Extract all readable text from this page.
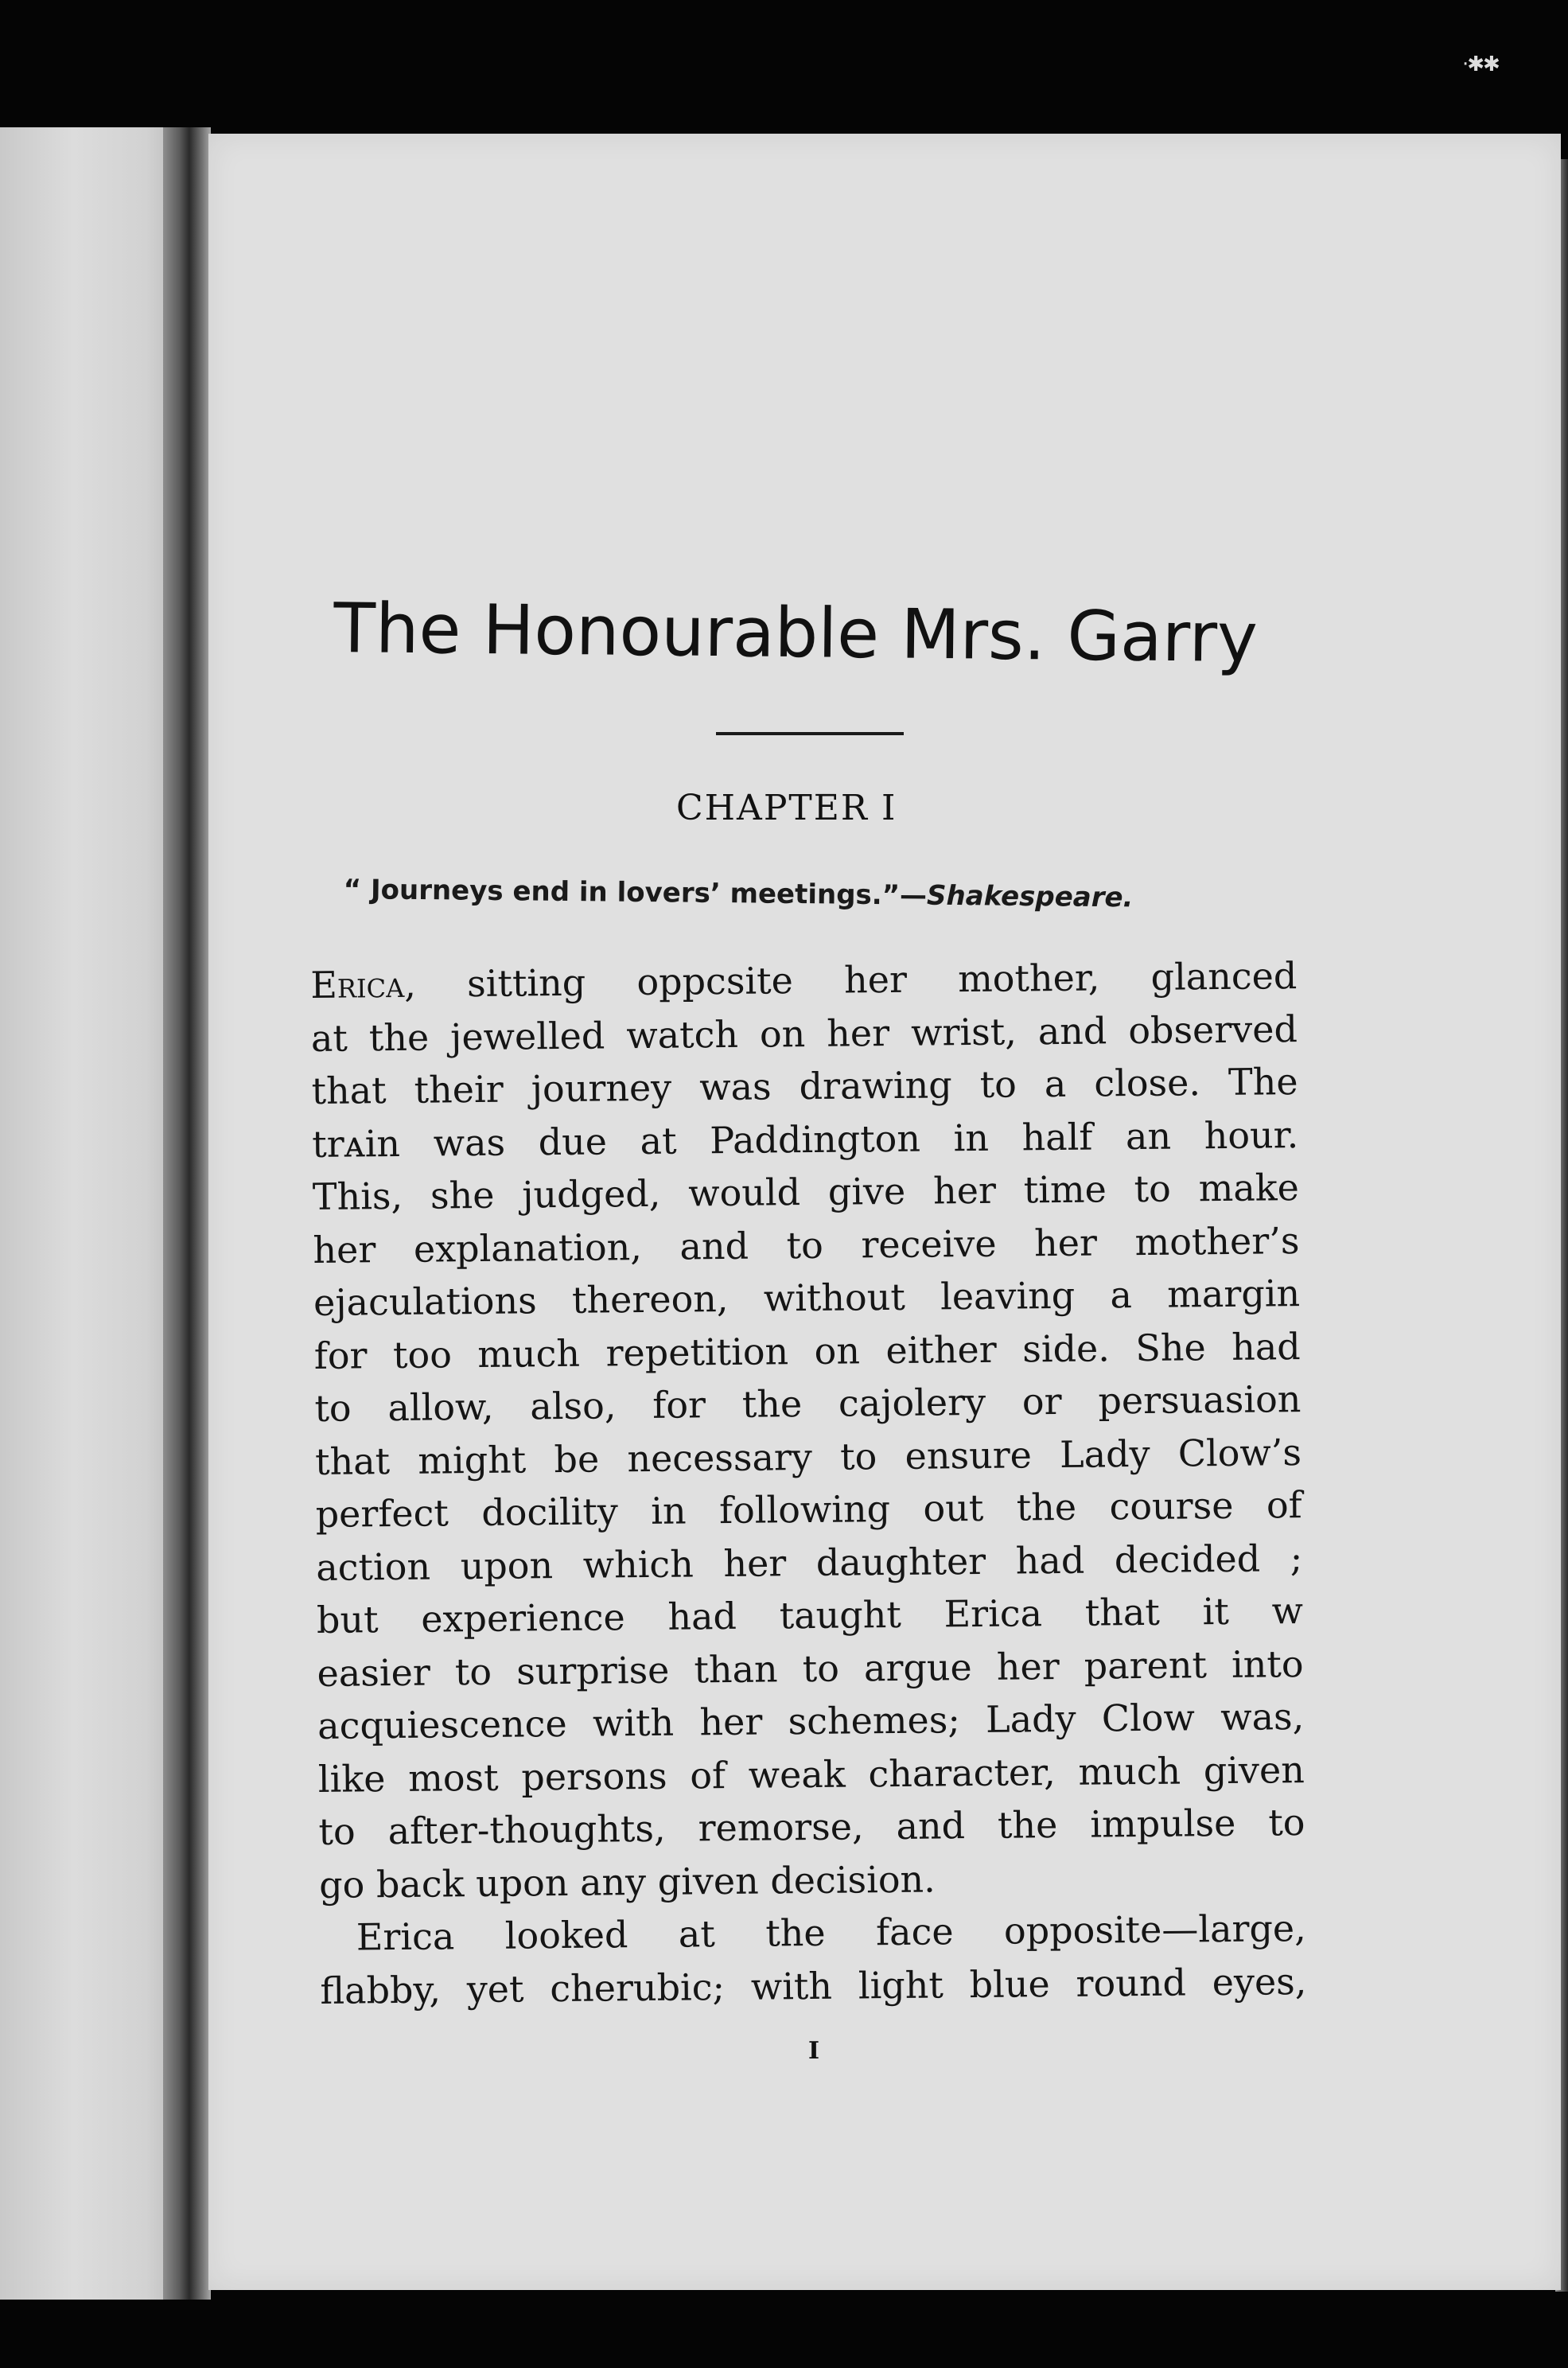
·✱✱
The Honourable Mrs. Garry
CHAPTER I
“ Journeys end in lovers’ meetings.”—Shakespeare.
Erica, sitting oppcsite her mother, glanced
at the jewelled watch on her wrist, and observed
that their journey was drawing to a close. The
trᴀin was due at Paddington in half an hour.
This, she judged, would give her time to make
her explanation, and to receive her mother’s
ejaculations thereon, without leaving a margin
for too much repetition on either side. She had
to allow, also, for the cajolery or persuasion
that might be necessary to ensure Lady Clow’s
perfect docility in following out the course of
action upon which her daughter had decided ;
but experience had taught Erica that it w
easier to surprise than to argue her parent into
acquiescence with her schemes; Lady Clow was,
like most persons of weak character, much given
to after-thoughts, remorse, and the impulse to
go back upon any given decision.
Erica looked at the face opposite—large,
flabby, yet cherubic; with light blue round eyes,
I
